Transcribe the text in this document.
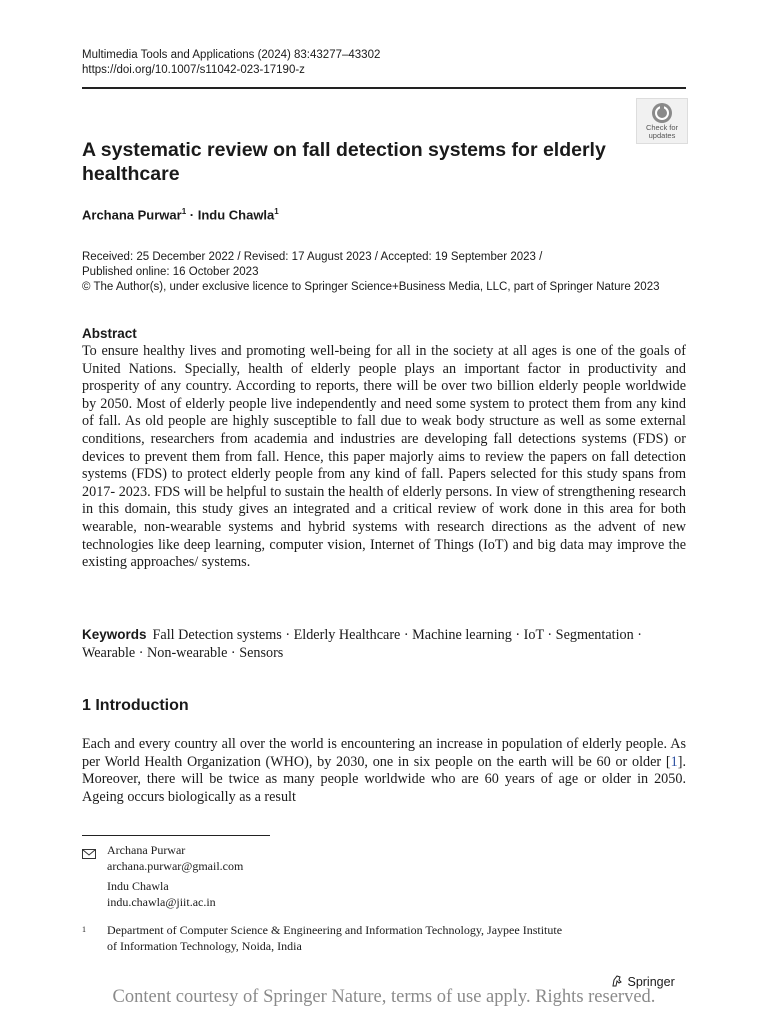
Multimedia Tools and Applications (2024) 83:43277–43302
https://doi.org/10.1007/s11042-023-17190-z
Check for
updates
A systematic review on fall detection systems for elderly healthcare
Archana Purwar$^1$ · Indu Chawla$^1$
Received: 25 December 2022 / Revised: 17 August 2023 / Accepted: 19 September 2023 /
Published online: 16 October 2023
© The Author(s), under exclusive licence to Springer Science+Business Media, LLC, part of Springer Nature 2023
Abstract
To ensure healthy lives and promoting well-being for all in the society at all ages is one of the goals of United Nations. Specially, health of elderly people plays an important factor in productivity and prosperity of any country. According to reports, there will be over two billion elderly people worldwide by 2050. Most of elderly people live independently and need some system to protect them from any kind of fall. As old people are highly susceptible to fall due to weak body structure as well as some external conditions, researchers from academia and industries are developing fall detections systems (FDS) or devices to prevent them from fall. Hence, this paper majorly aims to review the papers on fall detection systems (FDS) to protect elderly people from any kind of fall. Papers selected for this study spans from 2017- 2023. FDS will be helpful to sustain the health of elderly persons. In view of strengthening research in this domain, this study gives an integrated and a critical review of work done in this area for both wearable, non-wearable systems and hybrid systems with research directions as the advent of new technologies like deep learning, computer vision, Internet of Things (IoT) and big data may improve the existing approaches/ systems.
Keywords Fall Detection systems · Elderly Healthcare · Machine learning · IoT · Segmentation · Wearable · Non-wearable · Sensors
1 Introduction
Each and every country all over the world is encountering an increase in population of elderly people. As per World Health Organization (WHO), by 2030, one in six people on the earth will be 60 or older [1]. Moreover, there will be twice as many people worldwide who are 60 years of age or older in 2050. Ageing occurs biologically as a result
Archana Purwar
archana.purwar@gmail.com
Indu Chawla
indu.chawla@jiit.ac.in
1 Department of Computer Science & Engineering and Information Technology, Jaypee Institute
of Information Technology, Noida, India
Springer
Content courtesy of Springer Nature, terms of use apply. Rights reserved.
